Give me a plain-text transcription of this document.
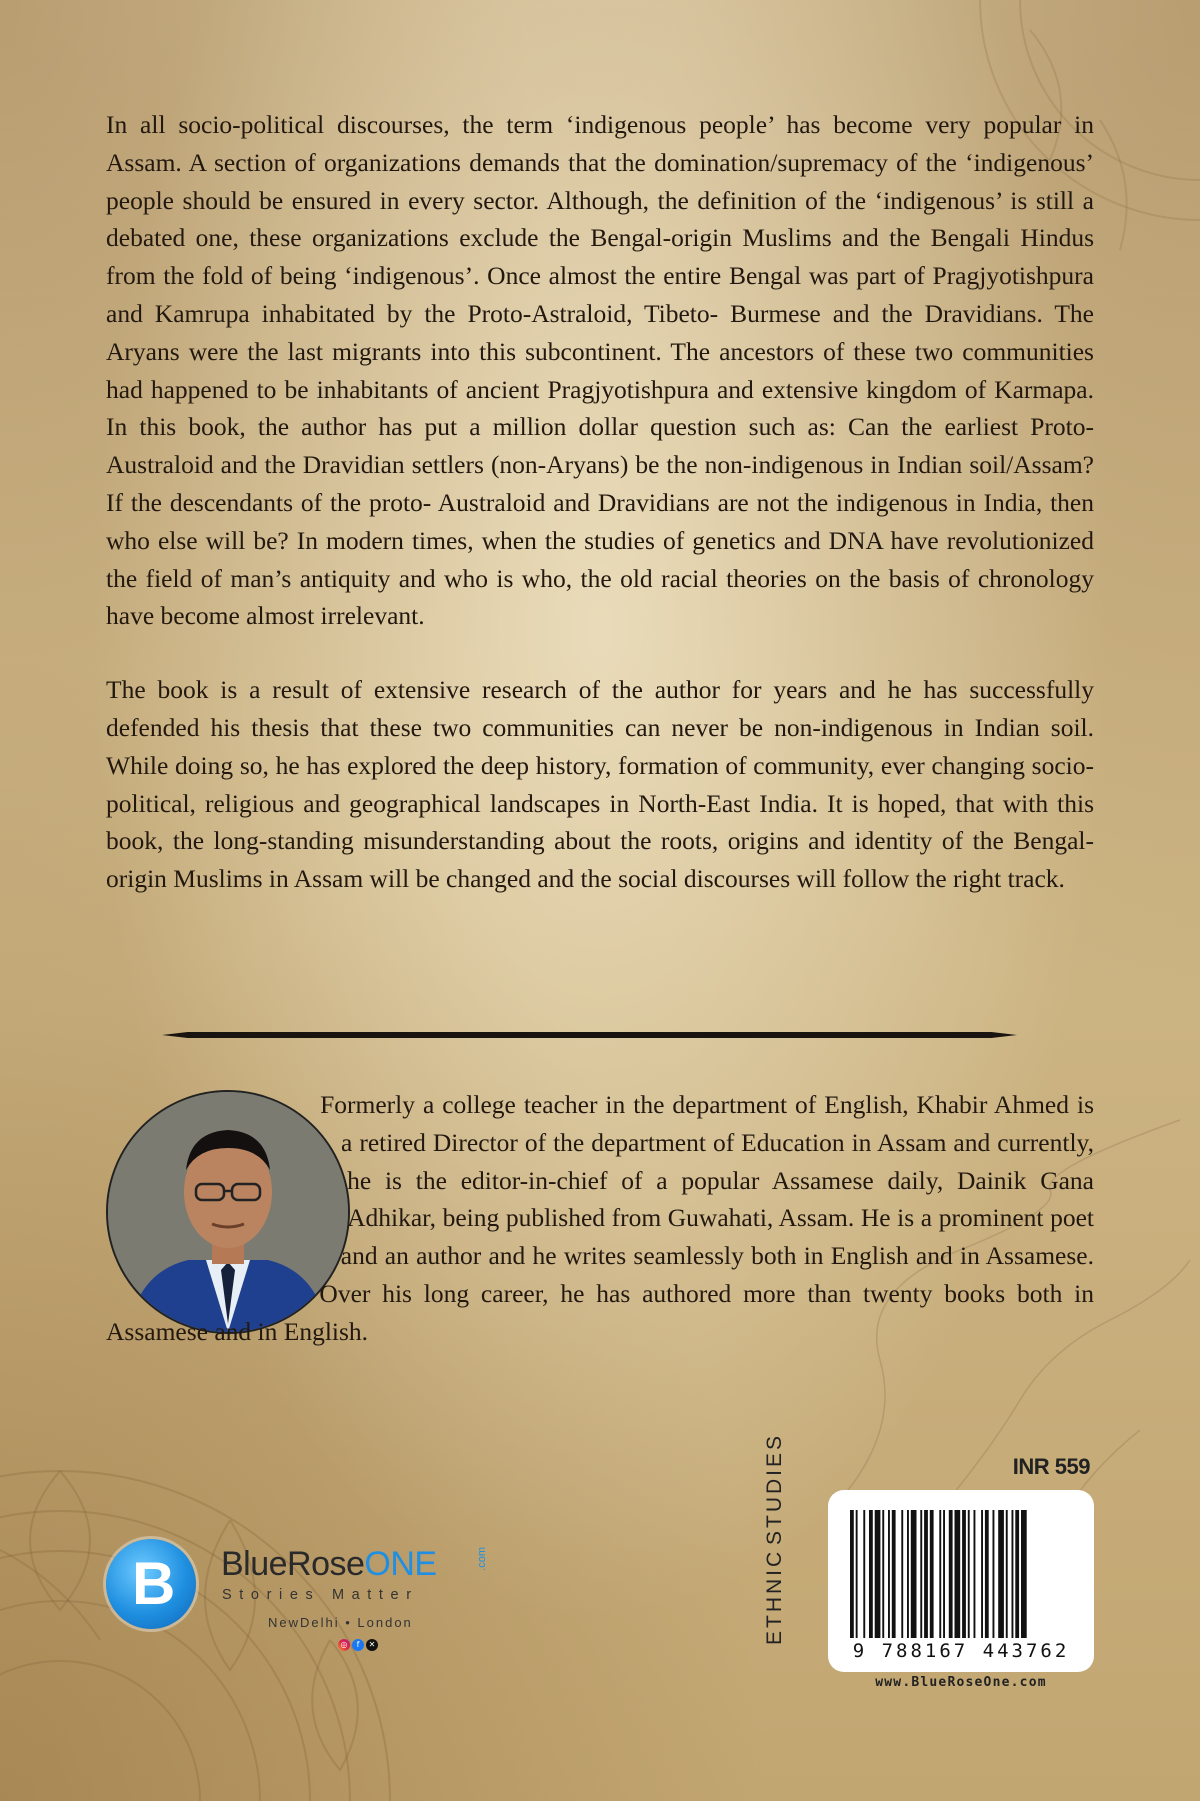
In all socio-political discourses, the term ‘indigenous people’ has become very popular in Assam. A section of organizations demands that the domination/supremacy of the ‘indigenous’ people should be ensured in every sector. Although, the definition of the ‘indigenous’ is still a debated one, these organizations exclude the Bengal-origin Muslims and the Bengali Hindus from the fold of being ‘indigenous’. Once almost the entire Bengal was part of Pragjyotishpura and Kamrupa inhabitated by the Proto-Astraloid, Tibeto- Burmese and the Dravidians. The Aryans were the last migrants into this subcontinent. The ancestors of these two communities had happened to be inhabitants of ancient Pragjyotishpura and extensive kingdom of Karmapa. In this book, the author has put a million dollar question such as: Can the earliest Proto-Australoid and the Dravidian settlers (non-Aryans) be the non-indigenous in Indian soil/Assam? If the descendants of the proto- Australoid and Dravidians are not the indigenous in India, then who else will be? In modern times, when the studies of genetics and DNA have revolutionized the field of man’s antiquity and who is who, the old racial theories on the basis of chronology have become almost irrelevant.

The book is a result of extensive research of the author for years and he has successfully defended his thesis that these two communities can never be non-indigenous in Indian soil. While doing so, he has explored the deep history, formation of community, ever changing socio-political, religious and geographical landscapes in North-East India. It is hoped, that with this book, the long-standing misunderstanding about the roots, origins and identity of the Bengal-origin Muslims in Assam will be changed and the social discourses will follow the right track.

Formerly a college teacher in the department of English, Khabir Ahmed is a retired Director of the department of Education in Assam and currently, he is the editor-in-chief of a popular Assamese daily, Dainik Gana Adhikar, being published from Guwahati, Assam. He is a prominent poet and an author and he writes seamlessly both in English and in Assamese. Over his long career, he has authored more than twenty books both in Assamese and in English.
INR 559
B BlueRoseONE	.com
Stories Matter
NewDelhi • London
◎	f	✕	ETHNIC
STUDIES
9 788167 443762
www.BlueRoseOne.com
